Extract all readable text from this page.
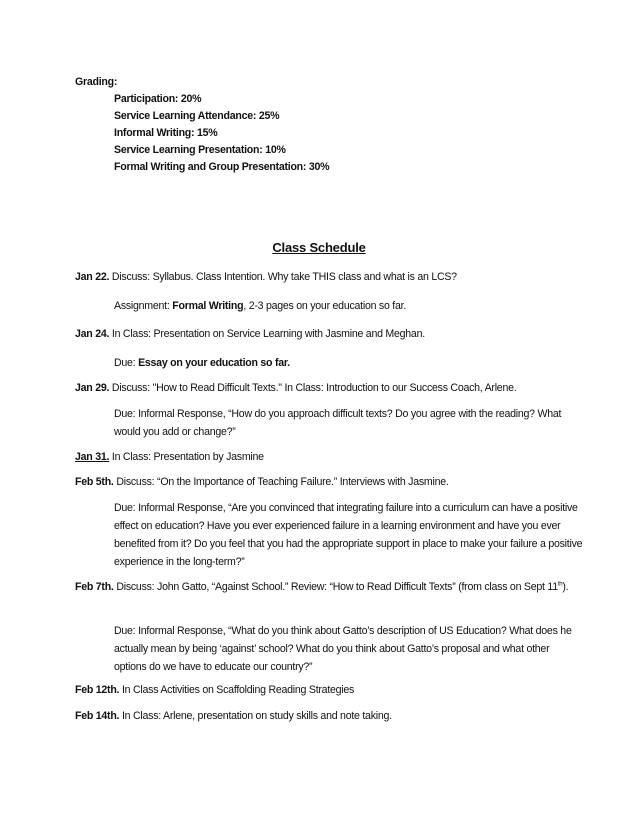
Grading:
Participation: 20%
Service Learning Attendance: 25%
Informal Writing: 15%
Service Learning Presentation: 10%
Formal Writing and Group Presentation: 30%
Class Schedule
Jan 22. Discuss: Syllabus. Class Intention. Why take THIS class and what is an LCS?
Assignment: Formal Writing, 2-3 pages on your education so far.
Jan 24. In Class: Presentation on Service Learning with Jasmine and Meghan.
Due: Essay on your education so far.
Jan 29. Discuss: "How to Read Difficult Texts." In Class: Introduction to our Success Coach, Arlene.
Due: Informal Response, “How do you approach difficult texts? Do you agree with the reading? What would you add or change?”
Jan 31. In Class: Presentation by Jasmine
Feb 5th. Discuss: “On the Importance of Teaching Failure.” Interviews with Jasmine.
Due: Informal Response, “Are you convinced that integrating failure into a curriculum can have a positive effect on education? Have you ever experienced failure in a learning environment and have you ever benefited from it? Do you feel that you had the appropriate support in place to make your failure a positive experience in the long-term?”
Feb 7th. Discuss: John Gatto, “Against School.” Review: “How to Read Difficult Texts” (from class on Sept 11th).
Due: Informal Response, “What do you think about Gatto’s description of US Education? What does he actually mean by being ‘against’ school? What do you think about Gatto’s proposal and what other options do we have to educate our country?”
Feb 12th. In Class Activities on Scaffolding Reading Strategies
Feb 14th. In Class: Arlene, presentation on study skills and note taking.
